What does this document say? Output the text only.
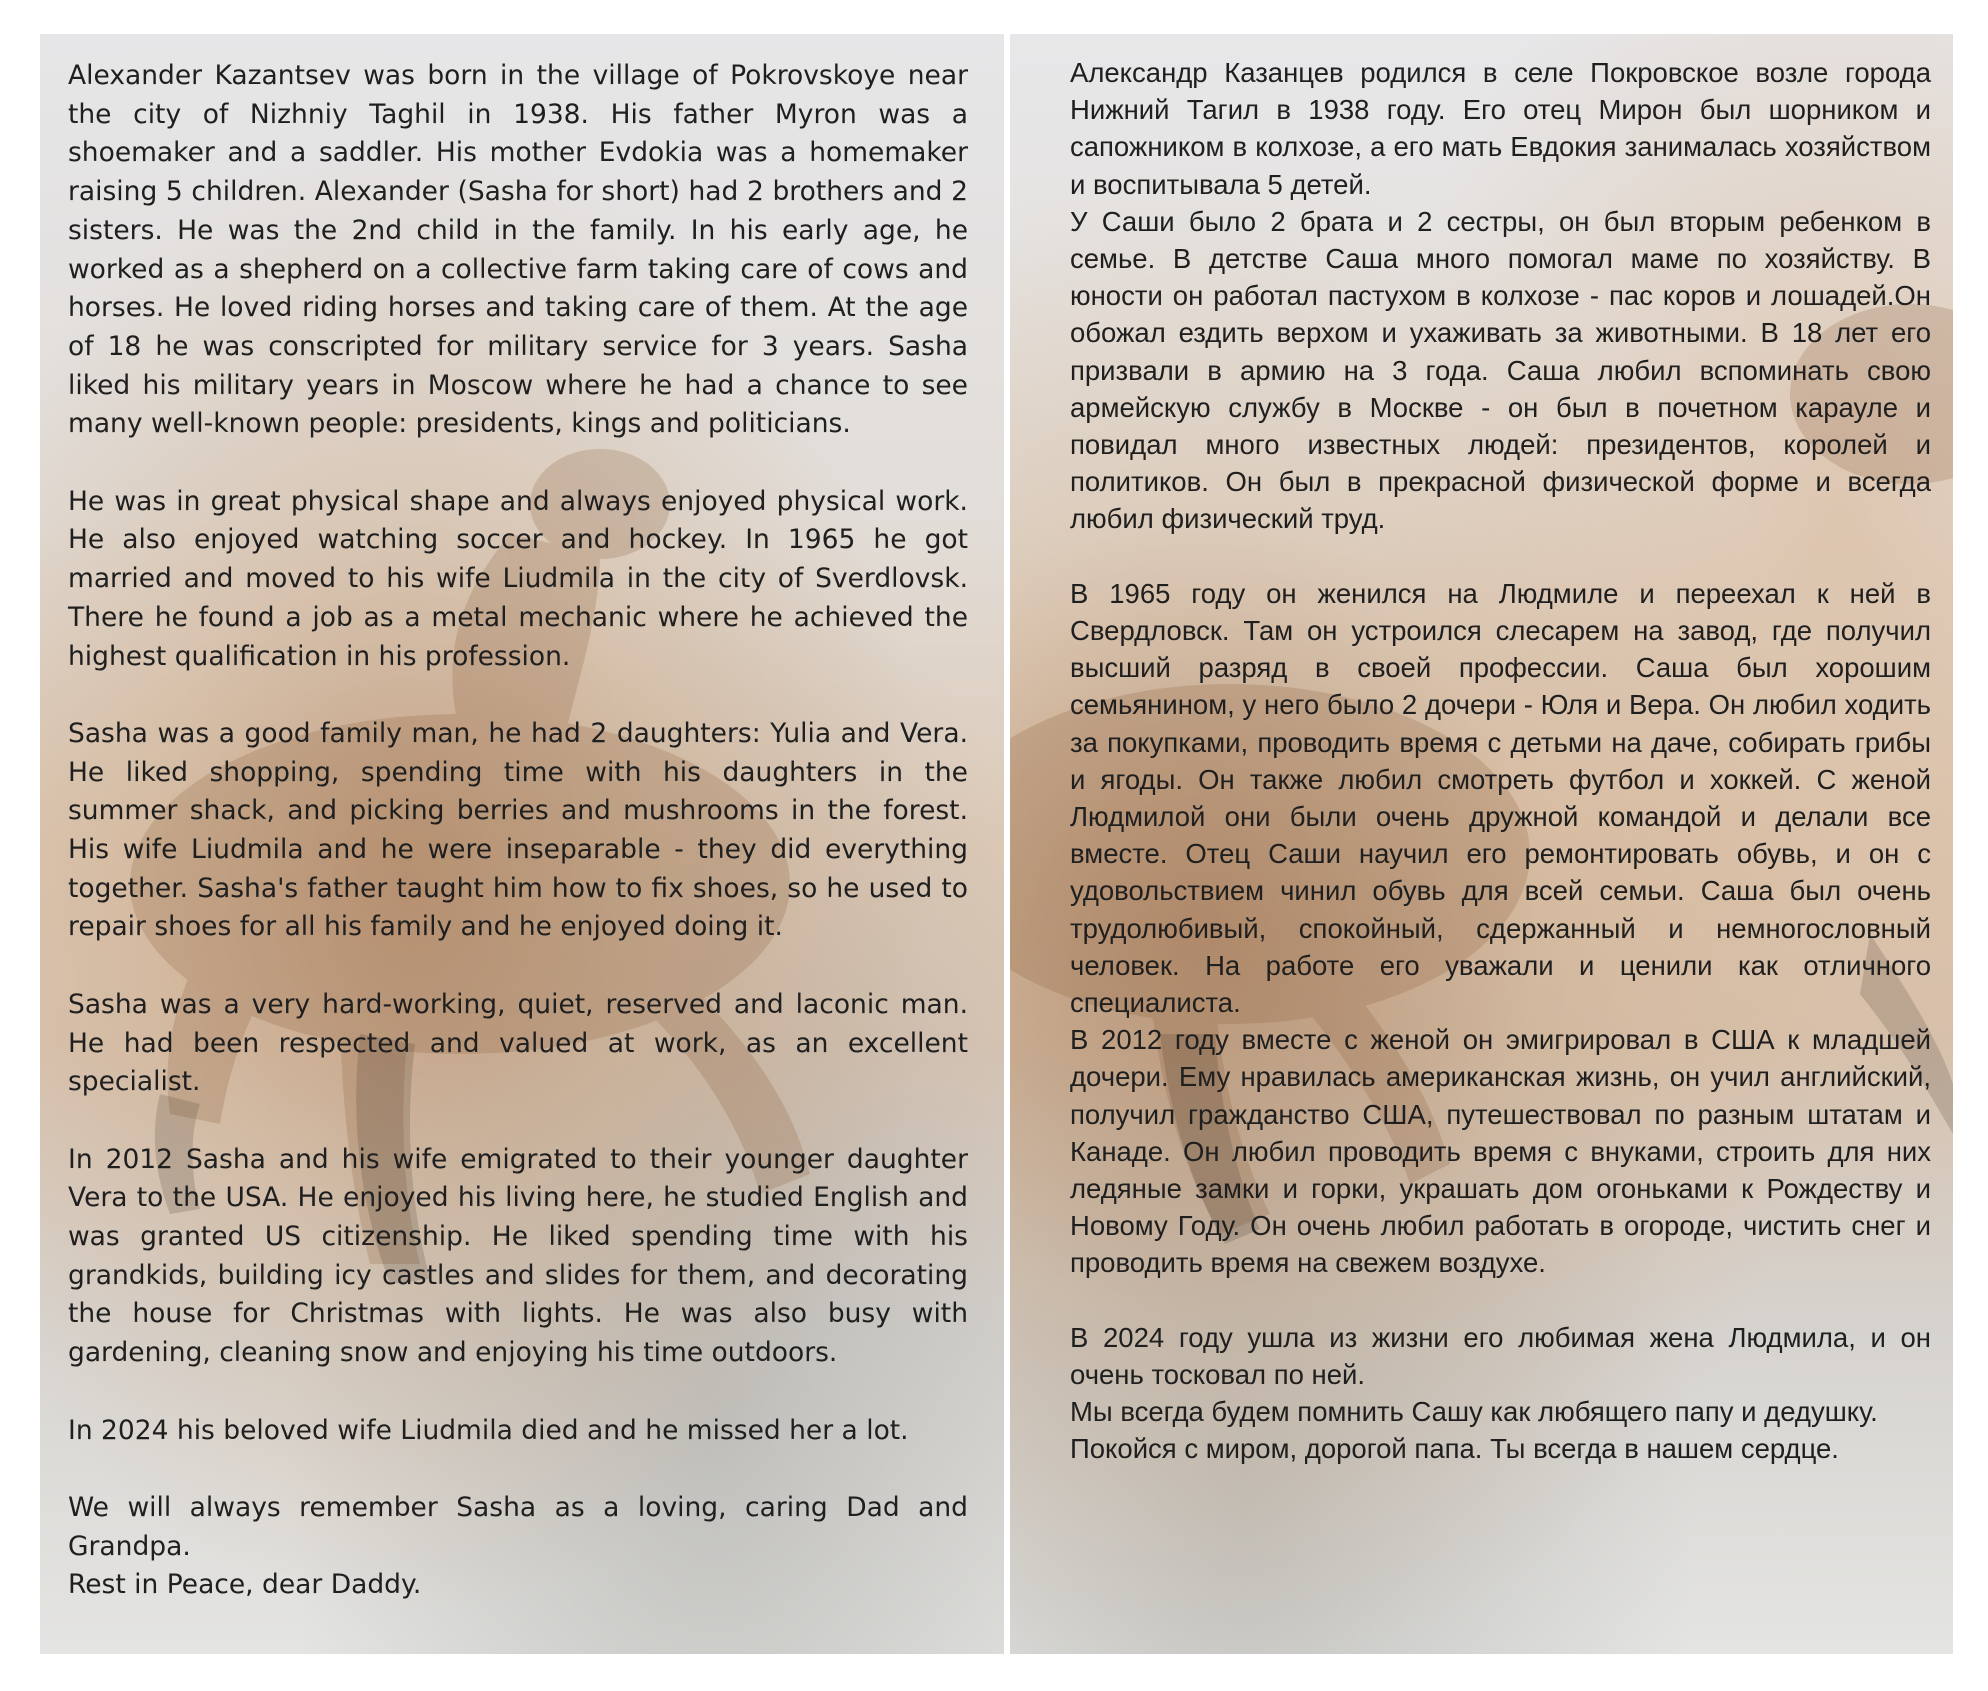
Alexander Kazantsev was born in the village of Pokrovskoye near the city of Nizhniy Taghil in 1938. His father Myron was a shoemaker and a saddler. His mother Evdokia was a homemaker raising 5 children. Alexander (Sasha for short) had 2 brothers and 2 sisters. He was the 2nd child in the family. In his early age, he worked as a shepherd on a collective farm taking care of cows and horses. He loved riding horses and taking care of them. At the age of 18 he was conscripted for military service for 3 years. Sasha liked his military years in Moscow where he had a chance to see many well-known people: presidents, kings and politicians.

He was in great physical shape and always enjoyed physical work. He also enjoyed watching soccer and hockey. In 1965 he got married and moved to his wife Liudmila in the city of Sverdlovsk. There he found a job as a metal mechanic where he achieved the highest qualification in his profession.

Sasha was a good family man, he had 2 daughters: Yulia and Vera. He liked shopping, spending time with his daughters in the summer shack, and picking berries and mushrooms in the forest. His wife Liudmila and he were inseparable - they did everything together. Sasha's father taught him how to fix shoes, so he used to repair shoes for all his family and he enjoyed doing it.

Sasha was a very hard-working, quiet, reserved and laconic man. He had been respected and valued at work, as an excellent specialist.

In 2012 Sasha and his wife emigrated to their younger daughter Vera to the USA. He enjoyed his living here, he studied English and was granted US citizenship. He liked spending time with his grandkids, building icy castles and slides for them, and decorating the house for Christmas with lights. He was also busy with gardening, cleaning snow and enjoying his time outdoors.

In 2024 his beloved wife Liudmila died and he missed her a lot.

We will always remember Sasha as a loving, caring Dad and Grandpa.

Rest in Peace, dear Daddy.

Александр Казанцев родился в селе Покровское возле города Нижний Тагил в 1938 году. Его отец Мирон был шорником и сапожником в колхозе, а его мать Евдокия занималась хозяйством и воспитывала 5 детей.

У Саши было 2 брата и 2 сестры, он был вторым ребенком в семье. В детстве Саша много помогал маме по хозяйству. В юности он работал пастухом в колхозе - пас коров и лошадей.Он обожал ездить верхом и ухаживать за животными. В 18 лет его призвали в армию на 3 года. Саша любил вспоминать свою армейскую службу в Москве - он был в почетном карауле и повидал много известных людей: президентов, королей и политиков. Он был в прекрасной физической форме и всегда любил физический труд.

В 1965 году он женился на Людмиле и переехал к ней в Свердловск. Там он устроился слесарем на завод, где получил высший разряд в своей профессии. Саша был хорошим семьянином, у него было 2 дочери - Юля и Вера. Он любил ходить за покупками, проводить время с детьми на даче, собирать грибы и ягоды. Он также любил смотреть футбол и хоккей. С женой Людмилой они были очень дружной командой и делали все вместе. Отец Саши научил его ремонтировать обувь, и он с удовольствием чинил обувь для всей семьи. Саша был очень трудолюбивый, спокойный, сдержанный и немногословный человек. На работе его уважали и ценили как отличного специалиста.

В 2012 году вместе с женой он эмигрировал в США к младшей дочери. Ему нравилась американская жизнь, он учил английский, получил гражданство США, путешествовал по разным штатам и Канаде. Он любил проводить время с внуками, строить для них ледяные замки и горки, украшать дом огоньками к Рождеству и Новому Году. Он очень любил работать в огороде, чистить снег и проводить время на свежем воздухе.

В 2024 году ушла из жизни его любимая жена Людмила, и он очень тосковал по ней.

Мы всегда будем помнить Сашу как любящего папу и дедушку.

Покойся с миром, дорогой папа. Ты всегда в нашем сердце.
